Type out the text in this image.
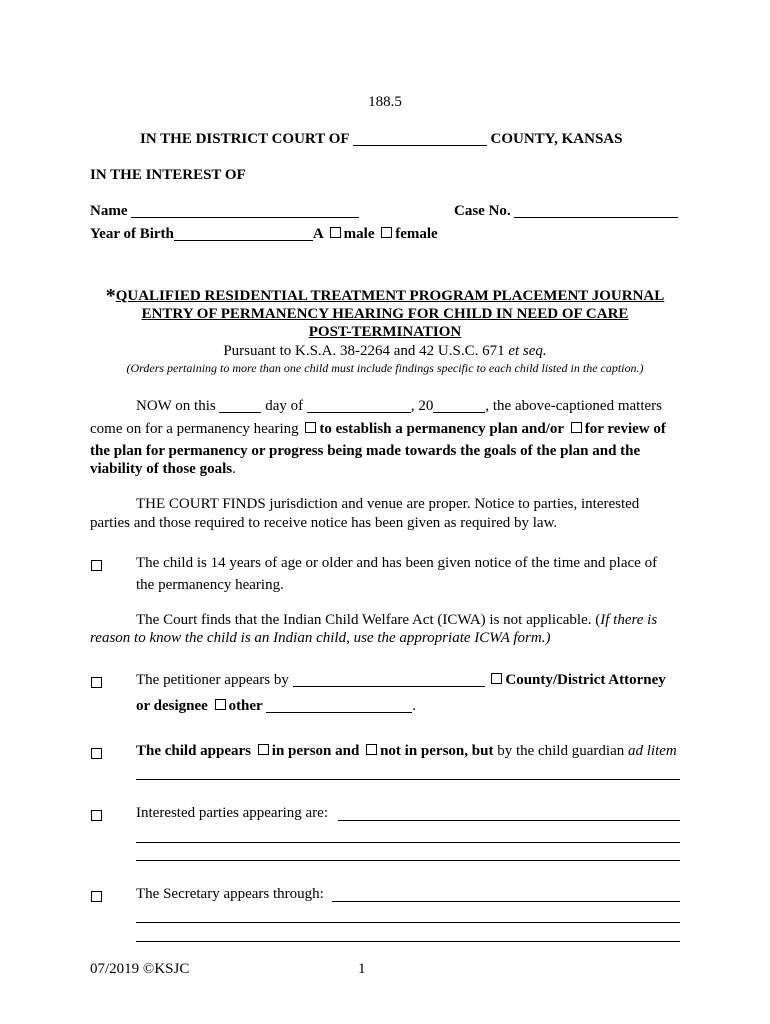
188.5
IN THE DISTRICT COURT OF	COUNTY, KANSAS
IN THE INTEREST OF
Name	Case No.
Year of Birth	A male female
*QUALIFIED RESIDENTIAL TREATMENT PROGRAM PLACEMENT JOURNAL
ENTRY OF PERMANENCY HEARING FOR CHILD IN NEED OF CARE
POST-TERMINATION
Pursuant to K.S.A. 38-2264 and 42 U.S.C. 671 et seq.
(Orders pertaining to more than one child must include findings specific to each child listed in the caption.)
NOW on this	day of	, 20	, the above-captioned matters
come on for a permanency hearing to establish a permanency plan and/or for review of
the plan for permanency or progress being made towards the goals of the plan and the
viability of those goals.
THE COURT FINDS jurisdiction and venue are proper. Notice to parties, interested
parties and those required to receive notice has been given as required by law.
The child is 14 years of age or older and has been given notice of the time and place of
the permanency hearing.
The Court finds that the Indian Child Welfare Act (ICWA) is not applicable. (If there is
reason to know the child is an Indian child, use the appropriate ICWA form.)
The petitioner appears by	County/District Attorney
or designee other	.
The child appears in person and not in person, but by the child guardian ad litem
Interested parties appearing are:
The Secretary appears through:
07/2019 ©KSJC	1
